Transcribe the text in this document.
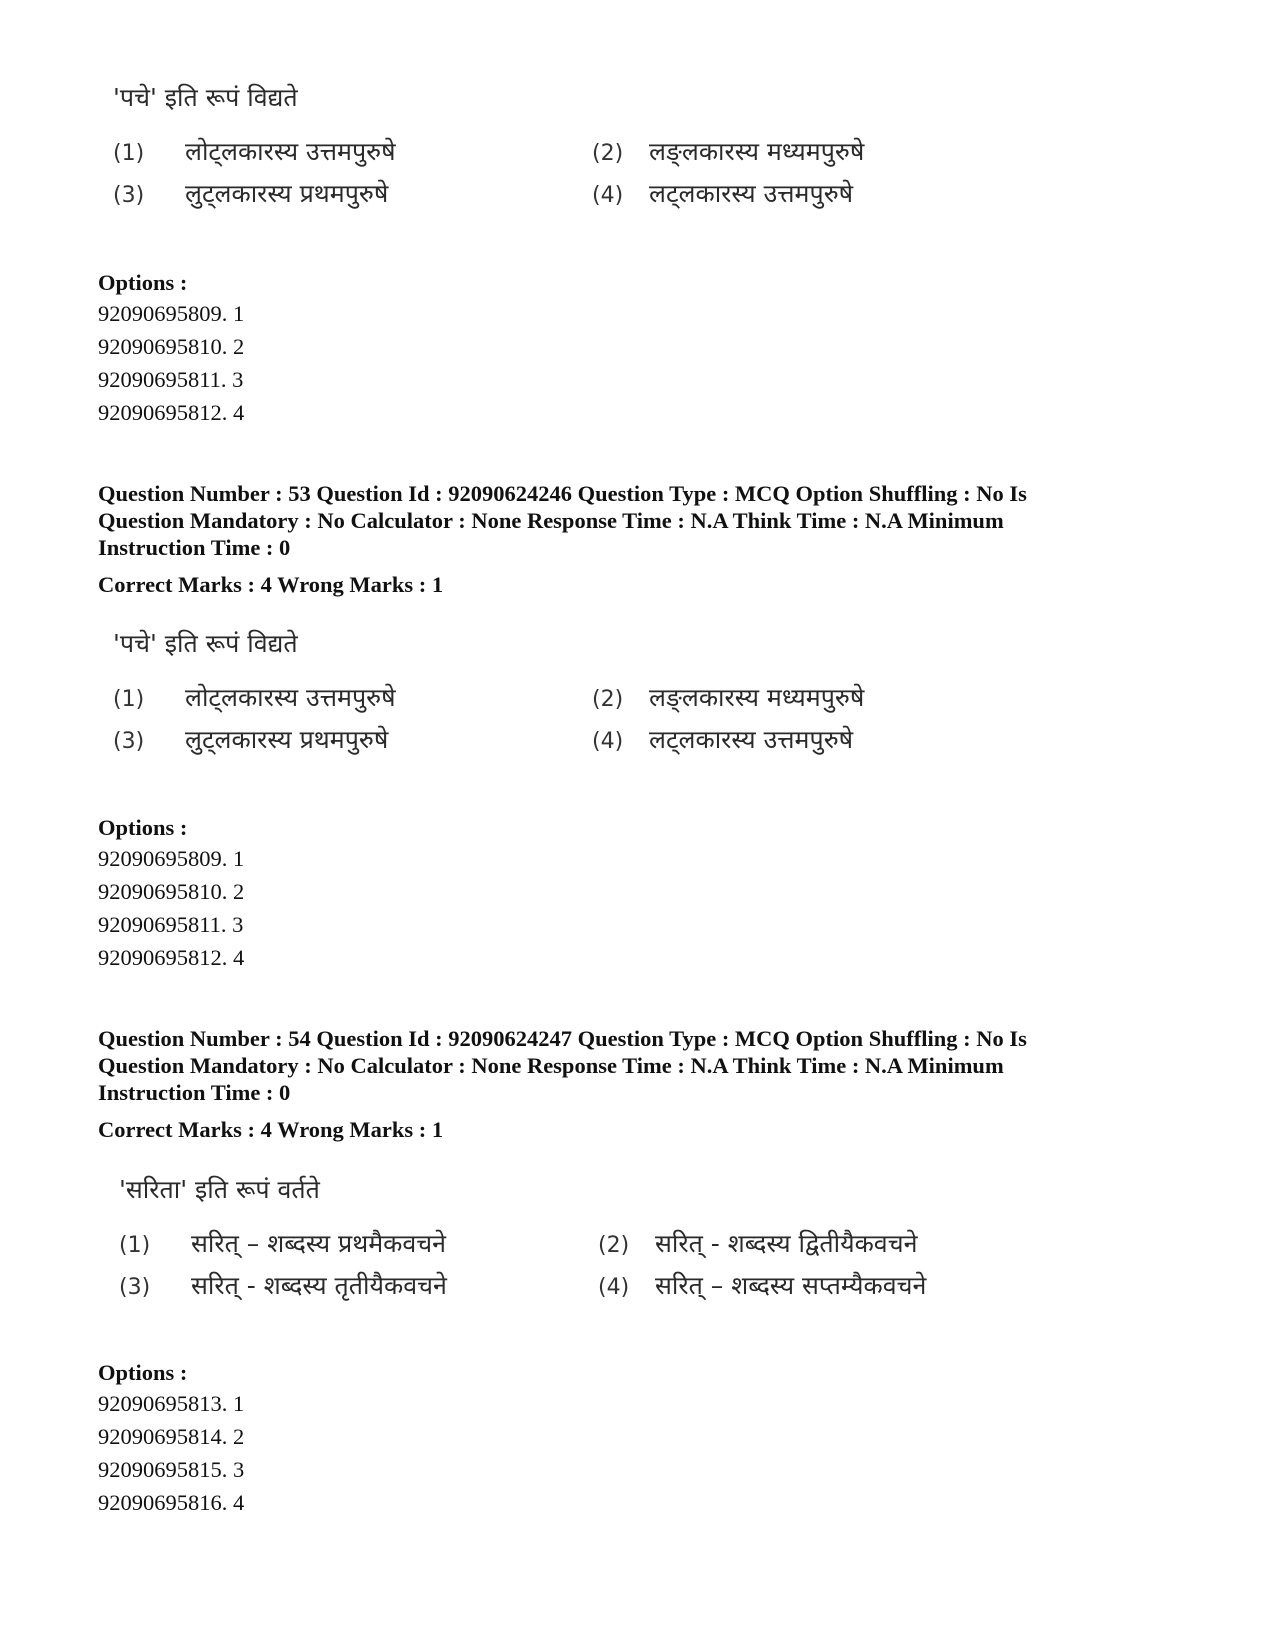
'पचे' इति रूपं विद्यते
(1) लोट्लकारस्य उत्तमपुरुषे	(2) लङ्लकारस्य मध्यमपुरुषे
(3) लुट्लकारस्य प्रथमपुरुषे	(4) लट्लकारस्य उत्तमपुरुषे
Options :
92090695809. 1
92090695810. 2
92090695811. 3
92090695812. 4
Question Number : 53 Question Id : 92090624246 Question Type : MCQ Option Shuffling : No Is
Question Mandatory : No Calculator : None Response Time : N.A Think Time : N.A Minimum
Instruction Time : 0
Correct Marks : 4 Wrong Marks : 1
'पचे' इति रूपं विद्यते
(1) लोट्लकारस्य उत्तमपुरुषे	(2) लङ्लकारस्य मध्यमपुरुषे
(3) लुट्लकारस्य प्रथमपुरुषे	(4) लट्लकारस्य उत्तमपुरुषे
Options :
92090695809. 1
92090695810. 2
92090695811. 3
92090695812. 4
Question Number : 54 Question Id : 92090624247 Question Type : MCQ Option Shuffling : No Is
Question Mandatory : No Calculator : None Response Time : N.A Think Time : N.A Minimum
Instruction Time : 0
Correct Marks : 4 Wrong Marks : 1
'सरिता' इति रूपं वर्तते
(1) सरित् – शब्दस्य प्रथमैकवचने	(2) सरित् - शब्दस्य द्वितीयैकवचने
(3) सरित् - शब्दस्य तृतीयैकवचने	(4) सरित् – शब्दस्य सप्तम्यैकवचने
Options :
92090695813. 1
92090695814. 2
92090695815. 3
92090695816. 4
